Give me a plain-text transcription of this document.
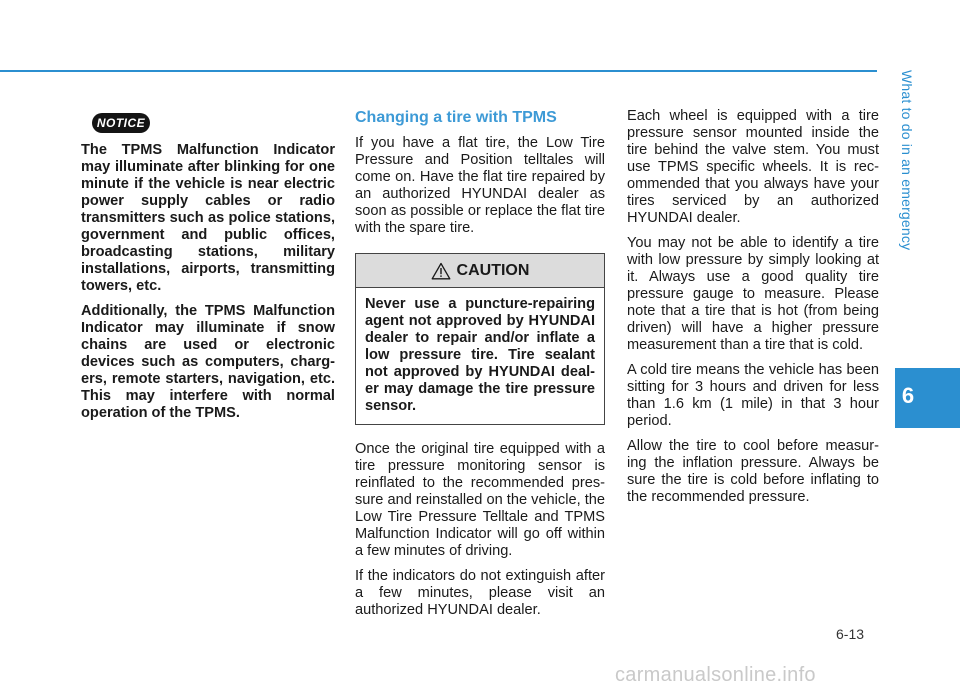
What to do in an emergency
6
NOTICE

The TPMS Malfunction Indicator may illuminate after blinking for one minute if the vehicle is near electric power supply cables or radio transmitters such as police stations, government and public offices, broadcasting stations, military installations, airports, transmitting towers, etc.

Additionally, the TPMS Malfunction Indicator may illuminate if snow chains are used or electronic devices such as computers, charg-ers, remote starters, navigation, etc. This may interfere with normal operation of the TPMS.

Changing a tire with TPMS

If you have a flat tire, the Low Tire Pressure and Position telltales will come on. Have the flat tire repaired by an authorized HYUNDAI dealer as soon as possible or replace the flat tire with the spare tire.

CAUTION
Never use a puncture-repairing agent not approved by HYUNDAI dealer to repair and/or inflate a low pressure tire. Tire sealant not approved by HYUNDAI deal-er may damage the tire pressure sensor.

Once the original tire equipped with a tire pressure monitoring sensor is reinflated to the recommended pres-sure and reinstalled on the vehicle, the Low Tire Pressure Telltale and TPMS Malfunction Indicator will go off within a few minutes of driving.

If the indicators do not extinguish after a few minutes, please visit an authorized HYUNDAI dealer.

Each wheel is equipped with a tire pressure sensor mounted inside the tire behind the valve stem. You must use TPMS specific wheels. It is rec-ommended that you always have your tires serviced by an authorized HYUNDAI dealer.

You may not be able to identify a tire with low pressure by simply looking at it. Always use a good quality tire pressure gauge to measure. Please note that a tire that is hot (from being driven) will have a higher pressure measurement than a tire that is cold.

A cold tire means the vehicle has been sitting for 3 hours and driven for less than 1.6 km (1 mile) in that 3 hour period.

Allow the tire to cool before measur-ing the inflation pressure. Always be sure the tire is cold before inflating to the recommended pressure.

6-13
carmanualsonline.info
